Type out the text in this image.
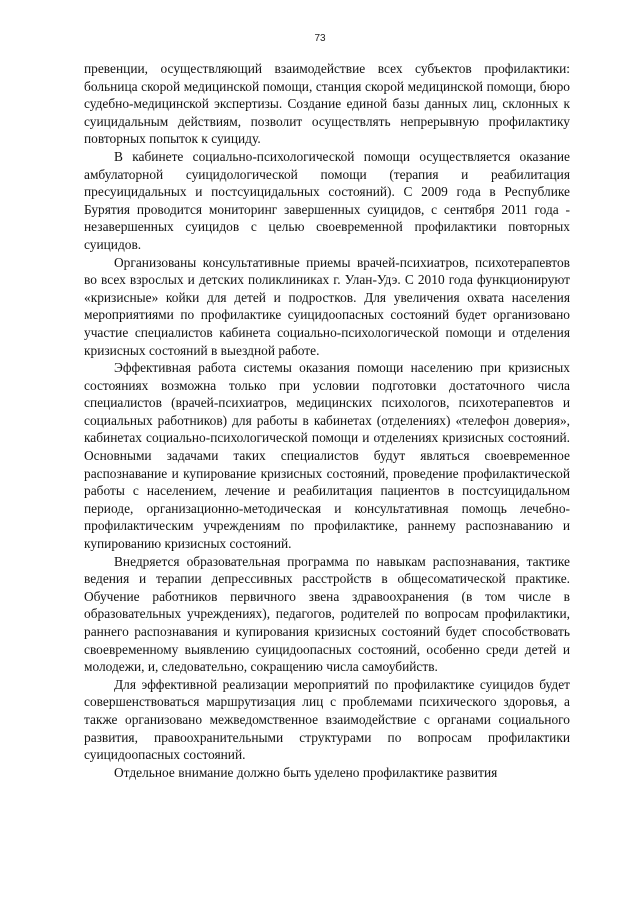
73

превенции, осуществляющий взаимодействие всех субъектов профилактики: больница скорой медицинской помощи, станция скорой медицинской помощи, бюро судебно-медицинской экспертизы. Создание единой базы данных лиц, склонных к суицидальным действиям, позволит осуществлять непрерывную профилактику повторных попыток к суициду.

В кабинете социально-психологической помощи осуществляется оказание амбулаторной суицидологической помощи (терапия и реабилитация пресуицидальных и постсуицидальных состояний). С 2009 года в Республике Бурятия проводится мониторинг завершенных суицидов, с сентября 2011 года - незавершенных суицидов с целью своевременной профилактики повторных суицидов.

Организованы консультативные приемы врачей-психиатров, психотерапевтов во всех взрослых и детских поликлиниках г. Улан-Удэ. С 2010 года функционируют «кризисные» койки для детей и подростков. Для увеличения охвата населения мероприятиями по профилактике суицидоопасных состояний будет организовано участие специалистов кабинета социально-психологической помощи и отделения кризисных состояний в выездной работе.

Эффективная работа системы оказания помощи населению при кризисных состояниях возможна только при условии подготовки достаточного числа специалистов (врачей-психиатров, медицинских психологов, психотерапевтов и социальных работников) для работы в кабинетах (отделениях) «телефон доверия», кабинетах социально-психологической помощи и отделениях кризисных состояний. Основными задачами таких специалистов будут являться своевременное распознавание и купирование кризисных состояний, проведение профилактической работы с населением, лечение и реабилитация пациентов в постсуицидальном периоде, организационно-методическая и консультативная помощь лечебно-профилактическим учреждениям по профилактике, раннему распознаванию и купированию кризисных состояний.

Внедряется образовательная программа по навыкам распознавания, тактике ведения и терапии депрессивных расстройств в общесоматической практике. Обучение работников первичного звена здравоохранения (в том числе в образовательных учреждениях), педагогов, родителей по вопросам профилактики, раннего распознавания и купирования кризисных состояний будет способствовать своевременному выявлению суицидоопасных состояний, особенно среди детей и молодежи, и, следовательно, сокращению числа самоубийств.

Для эффективной реализации мероприятий по профилактике суицидов будет совершенствоваться маршрутизация лиц с проблемами психического здоровья, а также организовано межведомственное взаимодействие с органами социального развития, правоохранительными структурами по вопросам профилактики суицидоопасных состояний.

Отдельное внимание должно быть уделено профилактике развития
